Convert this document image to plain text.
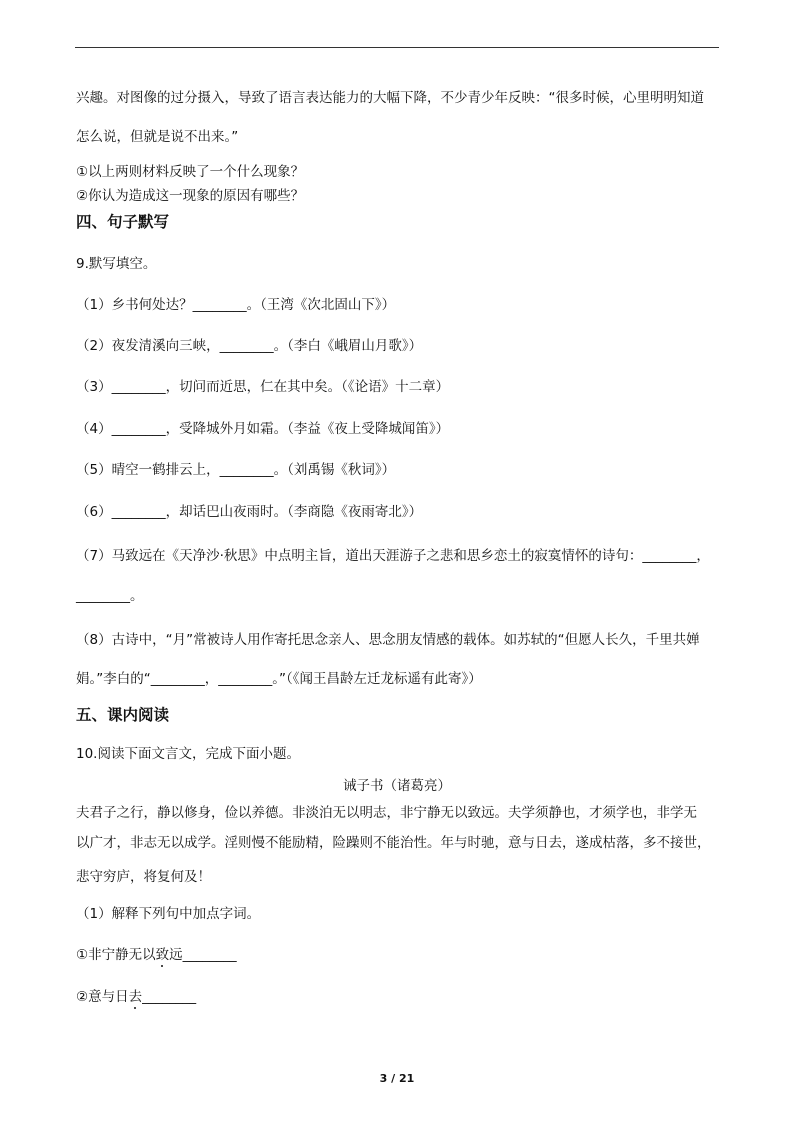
兴趣。对图像的过分摄入，导致了语言表达能力的大幅下降，不少青少年反映：“很多时候，心里明明知道
怎么说，但就是说不出来。”
①以上两则材料反映了一个什么现象？
②你认为造成这一现象的原因有哪些？
四、句子默写
9.默写填空。
（1）乡书何处达？________。（王湾《次北固山下》）
（2）夜发清溪向三峡，________。（李白《峨眉山月歌》）
（3）________，切问而近思，仁在其中矣。（《论语》十二章）
（4）________，受降城外月如霜。（李益《夜上受降城闻笛》）
（5）晴空一鹤排云上，________。（刘禹锡《秋词》）
（6）________，却话巴山夜雨时。（李商隐《夜雨寄北》）
（7）马致远在《天净沙·秋思》中点明主旨，道出天涯游子之悲和思乡恋土的寂寞情怀的诗句：________，
________。
（8）古诗中，“月”常被诗人用作寄托思念亲人、思念朋友情感的载体。如苏轼的“但愿人长久，千里共婵
娟。”李白的“________，________。”（《闻王昌龄左迁龙标遥有此寄》）
五、课内阅读
10.阅读下面文言文，完成下面小题。
诫子书（诸葛亮）
夫君子之行，静以修身，俭以养德。非淡泊无以明志，非宁静无以致远。夫学须静也，才须学也，非学无
以广才，非志无以成学。淫则慢不能励精，险躁则不能治性。年与时驰，意与日去，遂成枯落，多不接世，
悲守穷庐，将复何及！
（1）解释下列句中加点字词。
①非宁静无以致远________
②意与日去________
3 / 21
